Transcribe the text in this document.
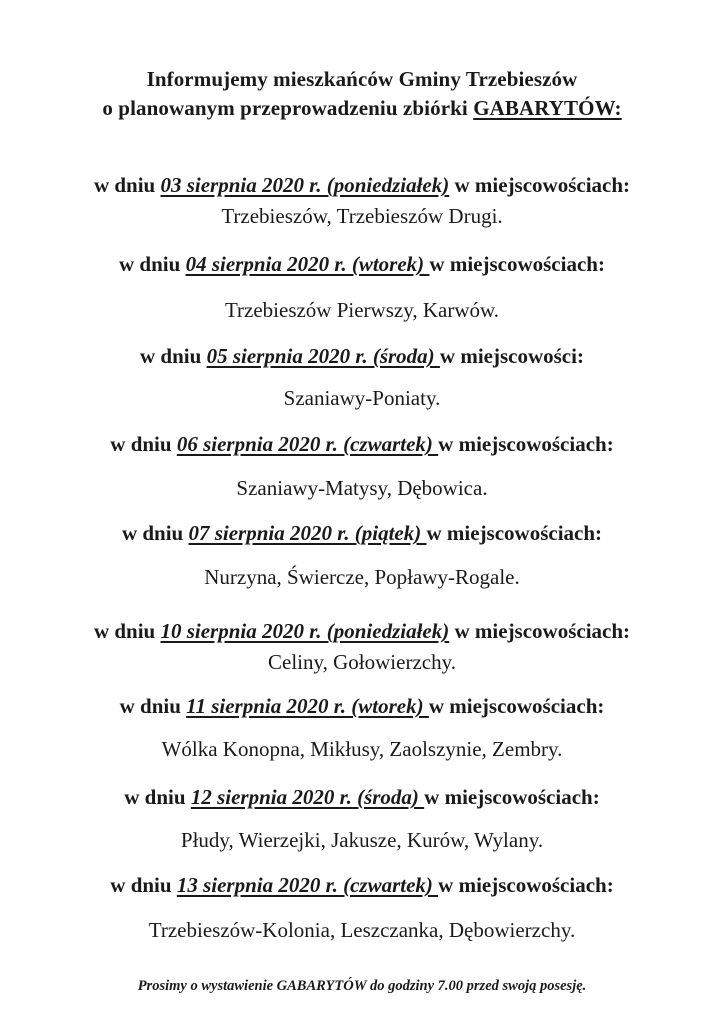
Informujemy mieszkańców Gminy Trzebieszów
o planowanym przeprowadzeniu zbiórki GABARYTÓW:
w dniu 03 sierpnia 2020 r. (poniedziałek) w miejscowościach:
Trzebieszów, Trzebieszów Drugi.
w dniu 04 sierpnia 2020 r. (wtorek) w miejscowościach:
Trzebieszów Pierwszy, Karwów.
w dniu 05 sierpnia 2020 r. (środa) w miejscowości:
Szaniawy-Poniaty.
w dniu 06 sierpnia 2020 r. (czwartek) w miejscowościach:
Szaniawy-Matysy, Dębowica.
w dniu 07 sierpnia 2020 r. (piątek) w miejscowościach:
Nurzyna, Świercze, Popławy-Rogale.
w dniu 10 sierpnia 2020 r. (poniedziałek) w miejscowościach:
Celiny, Gołowierzchy.
w dniu 11 sierpnia 2020 r. (wtorek) w miejscowościach:
Wólka Konopna, Mikłusy, Zaolszynie, Zembry.
w dniu 12 sierpnia 2020 r. (środa) w miejscowościach:
Płudy, Wierzejki, Jakusze, Kurów, Wylany.
w dniu 13 sierpnia 2020 r. (czwartek) w miejscowościach:
Trzebieszów-Kolonia, Leszczanka, Dębowierzchy.
Prosimy o wystawienie GABARYTÓW do godziny 7.00 przed swoją posesję.
